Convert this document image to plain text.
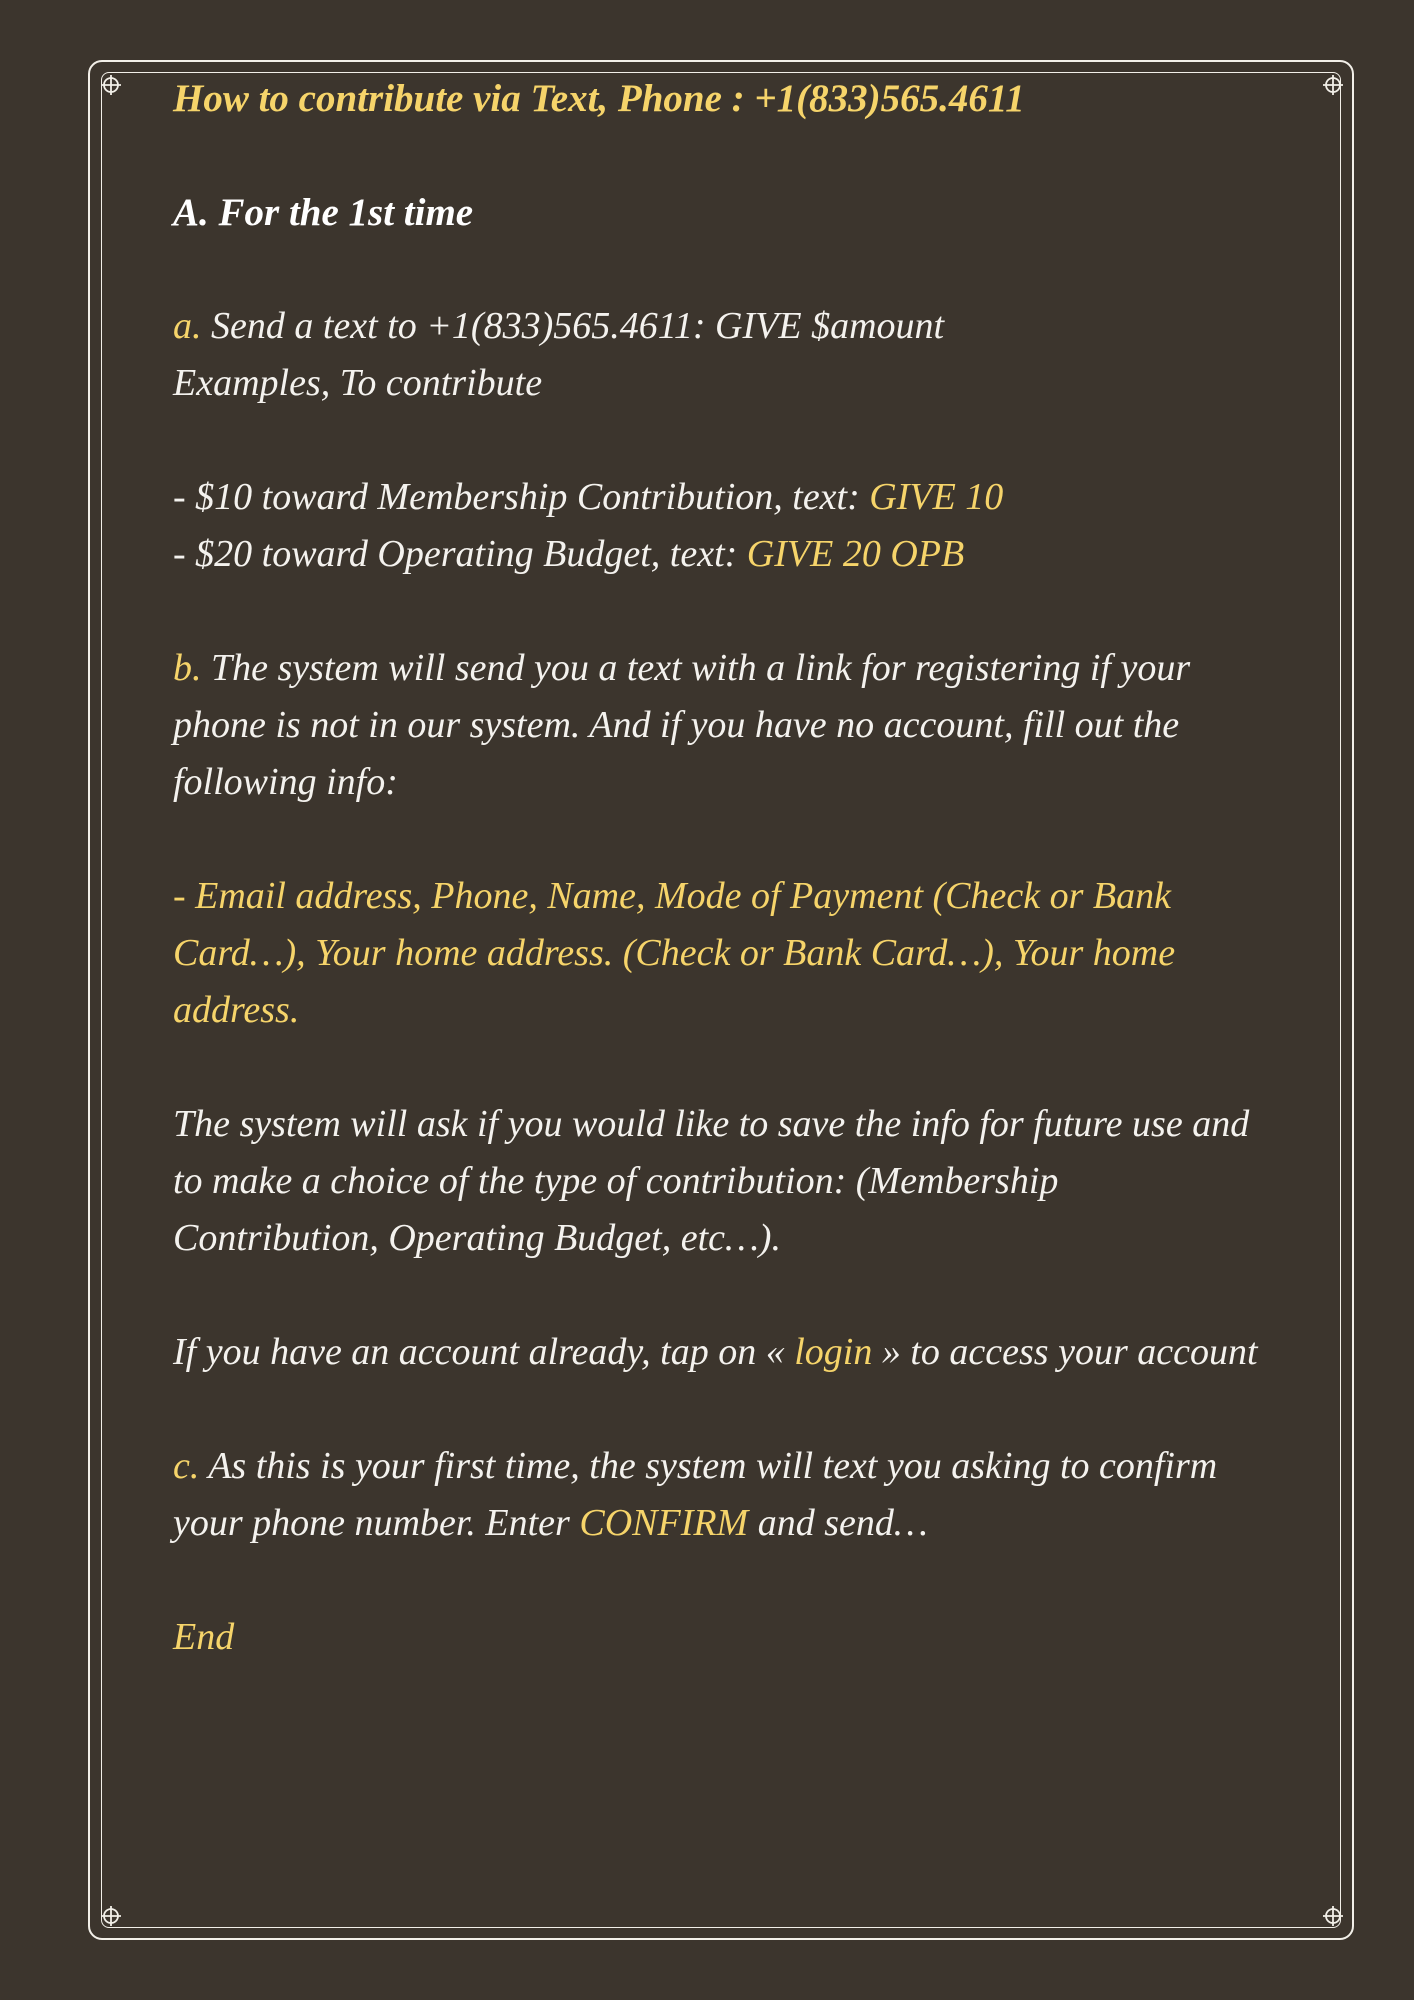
How to contribute via Text, Phone : +1(833)565.4611

A. For the 1st time

a. Send a text to +1(833)565.4611: GIVE $amount
Examples, To contribute

- $10 toward Membership Contribution, text: GIVE 10
- $20 toward Operating Budget, text: GIVE 20 OPB

b. The system will send you a text with a link for registering if your phone is not in our system. And if you have no account, fill out the following info:

- Email address, Phone, Name, Mode of Payment (Check or Bank Card…), Your home address. (Check or Bank Card…), Your home address.

The system will ask if you would like to save the info for future use and to make a choice of the type of contribution: (Membership Contribution, Operating Budget, etc…).

If you have an account already, tap on « login » to access your account

c. As this is your first time, the system will text you asking to confirm your phone number. Enter CONFIRM and send…

End
